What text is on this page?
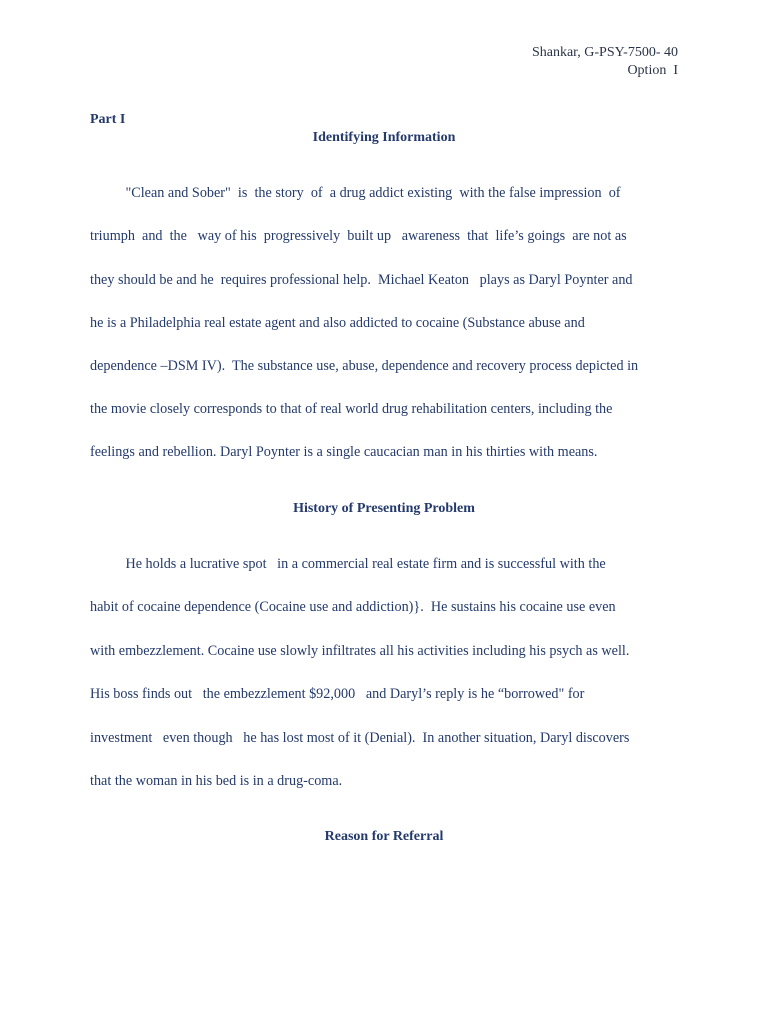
Shankar, G-PSY-7500- 40
Option  I
Part I
Identifying Information
"Clean and Sober"  is  the story  of  a drug addict existing  with the false impression  of
triumph  and  the   way of his  progressively  built up   awareness  that  life’s goings  are not as
they should be and he  requires professional help.  Michael Keaton   plays as Daryl Poynter and
he is a Philadelphia real estate agent and also addicted to cocaine (Substance abuse and
dependence –DSM IV).  The substance use, abuse, dependence and recovery process depicted in
the movie closely corresponds to that of real world drug rehabilitation centers, including the
feelings and rebellion. Daryl Poynter is a single caucacian man in his thirties with means.
History of Presenting Problem
He holds a lucrative spot   in a commercial real estate firm and is successful with the
habit of cocaine dependence (Cocaine use and addiction)}.  He sustains his cocaine use even
with embezzlement. Cocaine use slowly infiltrates all his activities including his psych as well.
His boss finds out   the embezzlement $92,000   and Daryl’s reply is he “borrowed" for
investment   even though   he has lost most of it (Denial).  In another situation, Daryl discovers
that the woman in his bed is in a drug-coma.
Reason for Referral
